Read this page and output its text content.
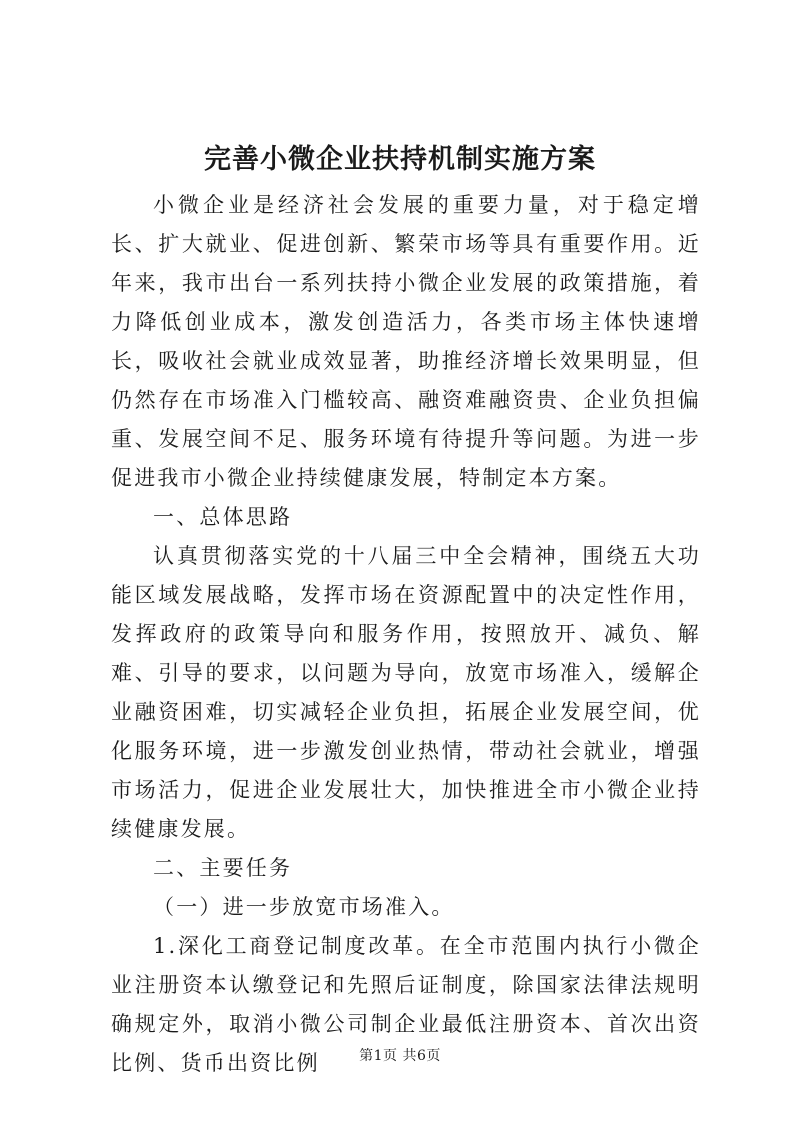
完善小微企业扶持机制实施方案

小微企业是经济社会发展的重要力量，对于稳定增长、扩大就业、促进创新、繁荣市场等具有重要作用。近年来，我市出台一系列扶持小微企业发展的政策措施，着力降低创业成本，激发创造活力，各类市场主体快速增长，吸收社会就业成效显著，助推经济增长效果明显，但仍然存在市场准入门槛较高、融资难融资贵、企业负担偏重、发展空间不足、服务环境有待提升等问题。为进一步促进我市小微企业持续健康发展，特制定本方案。

一、总体思路

认真贯彻落实党的十八届三中全会精神，围绕五大功能区域发展战略，发挥市场在资源配置中的决定性作用，发挥政府的政策导向和服务作用，按照放开、减负、解难、引导的要求，以问题为导向，放宽市场准入，缓解企业融资困难，切实减轻企业负担，拓展企业发展空间，优化服务环境，进一步激发创业热情，带动社会就业，增强市场活力，促进企业发展壮大，加快推进全市小微企业持续健康发展。

二、主要任务

（一）进一步放宽市场准入。

1.深化工商登记制度改革。在全市范围内执行小微企业注册资本认缴登记和先照后证制度，除国家法律法规明确规定外，取消小微公司制企业最低注册资本、首次出资比例、货币出资比例	第1页 共6页
